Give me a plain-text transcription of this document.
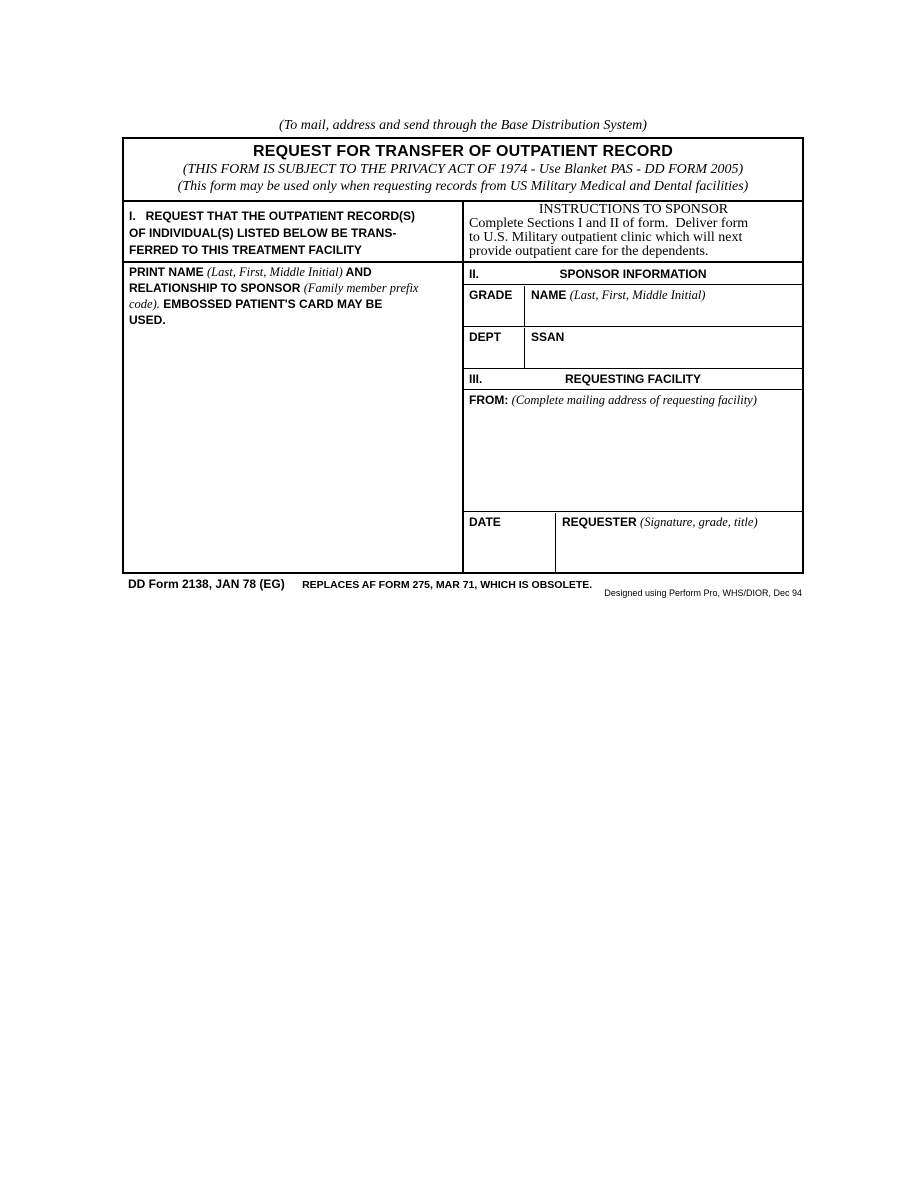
(To mail, address and send through the Base Distribution System)
REQUEST FOR TRANSFER OF OUTPATIENT RECORD
(THIS FORM IS SUBJECT TO THE PRIVACY ACT OF 1974 - Use Blanket PAS - DD FORM 2005)
(This form may be used only when requesting records from US Military Medical and Dental facilities)
I.   REQUEST THAT THE OUTPATIENT RECORD(S)
OF INDIVIDUAL(S) LISTED BELOW BE TRANS-
FERRED TO THIS TREATMENT FACILITY
PRINT NAME (Last, First, Middle Initial) AND
RELATIONSHIP TO SPONSOR (Family member prefix
code). EMBOSSED PATIENT'S CARD MAY BE
USED.
INSTRUCTIONS TO SPONSOR
Complete Sections I and II of form.  Deliver form
to U.S. Military outpatient clinic which will next
provide outpatient care for the dependents.
II.	SPONSOR INFORMATION
GRADE NAME (Last, First, Middle Initial)
DEPT SSAN
III.	REQUESTING FACILITY
FROM: (Complete mailing address of requesting facility)
DATE	REQUESTER (Signature, grade, title)
DD Form 2138, JAN 78 (EG) REPLACES AF FORM 275, MAR 71, WHICH IS OBSOLETE.
Designed using Perform Pro, WHS/DIOR, Dec 94
